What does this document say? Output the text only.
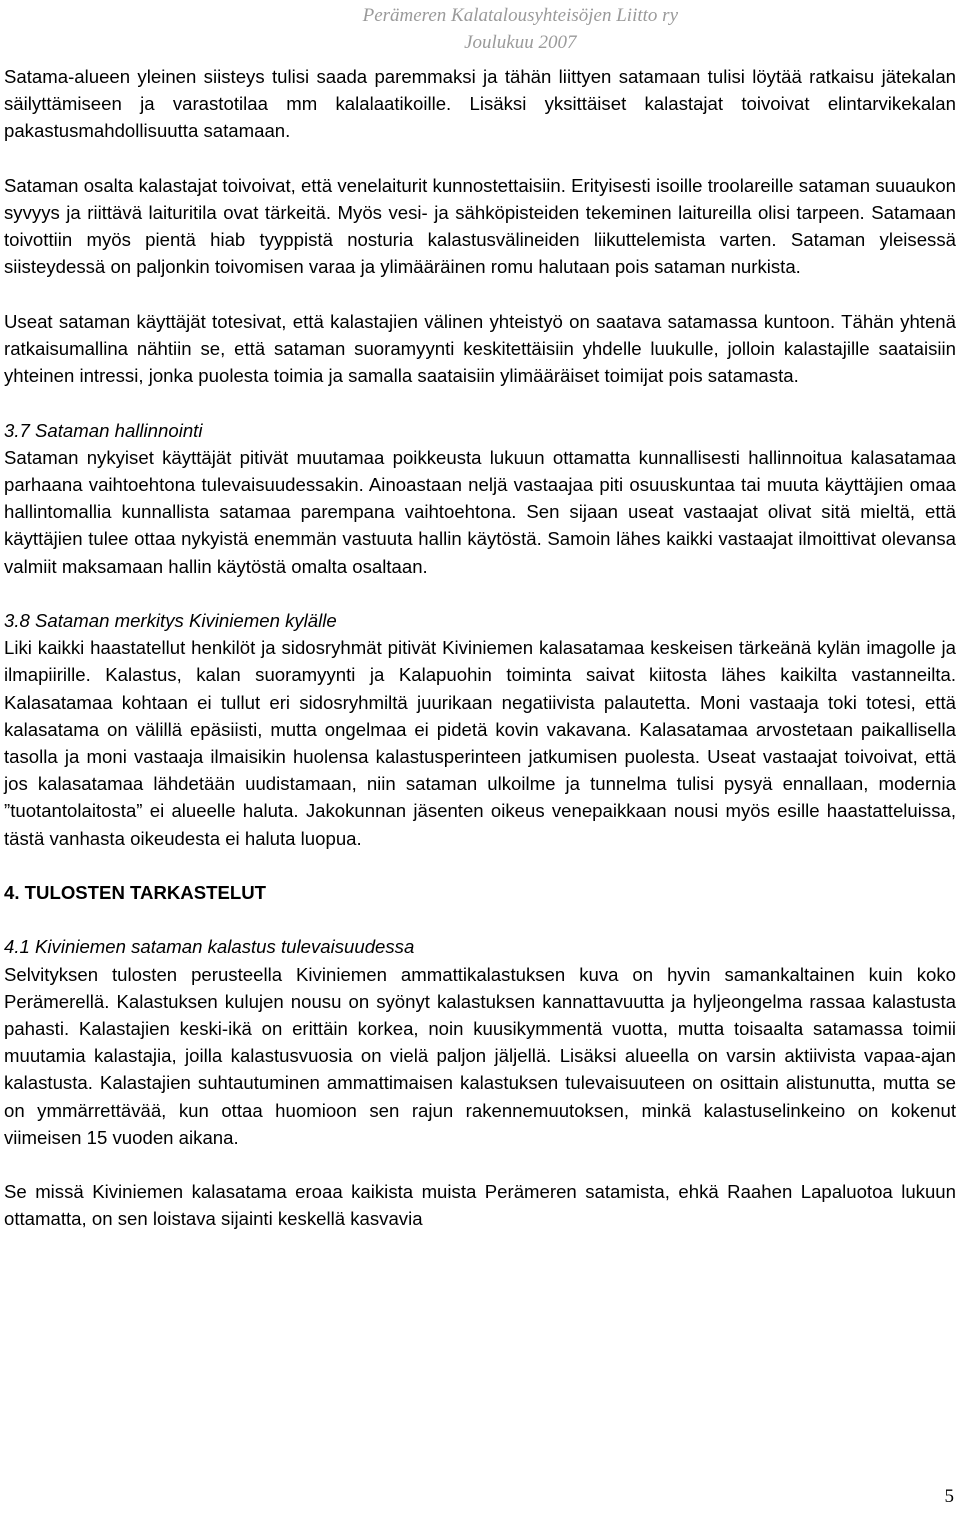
Perämeren Kalatalousyhteisöjen Liitto ry
Joulukuu 2007

Satama-alueen yleinen siisteys tulisi saada paremmaksi ja tähän liittyen satamaan tulisi löytää ratkaisu jätekalan säilyttämiseen ja varastotilaa mm kalalaatikoille. Lisäksi yksittäiset kalastajat toivoivat elintarvikekalan pakastusmahdollisuutta satamaan.

Sataman osalta kalastajat toivoivat, että venelaiturit kunnostettaisiin. Erityisesti isoille troolareille sataman suuaukon syvyys ja riittävä laituritila ovat tärkeitä. Myös vesi- ja sähköpisteiden tekeminen laitureilla olisi tarpeen. Satamaan toivottiin myös pientä hiab tyyppistä nosturia kalastusvälineiden liikuttelemista varten. Sataman yleisessä siisteydessä on paljonkin toivomisen varaa ja ylimääräinen romu halutaan pois sataman nurkista.

Useat sataman käyttäjät totesivat, että kalastajien välinen yhteistyö on saatava satamassa kuntoon. Tähän yhtenä ratkaisumallina nähtiin se, että sataman suoramyynti keskitettäisiin yhdelle luukulle, jolloin kalastajille saataisiin yhteinen intressi, jonka puolesta toimia ja samalla saataisiin ylimääräiset toimijat pois satamasta.

3.7 Sataman hallinnointi

Sataman nykyiset käyttäjät pitivät muutamaa poikkeusta lukuun ottamatta kunnallisesti hallinnoitua kalasatamaa parhaana vaihtoehtona tulevaisuudessakin. Ainoastaan neljä vastaajaa piti osuuskuntaa tai muuta käyttäjien omaa hallintomallia kunnallista satamaa parempana vaihtoehtona. Sen sijaan useat vastaajat olivat sitä mieltä, että käyttäjien tulee ottaa nykyistä enemmän vastuuta hallin käytöstä. Samoin lähes kaikki vastaajat ilmoittivat olevansa valmiit maksamaan hallin käytöstä omalta osaltaan.

3.8 Sataman merkitys Kiviniemen kylälle

Liki kaikki haastatellut henkilöt ja sidosryhmät pitivät Kiviniemen kalasatamaa keskeisen tärkeänä kylän imagolle ja ilmapiirille. Kalastus, kalan suoramyynti ja Kalapuohin toiminta saivat kiitosta lähes kaikilta vastanneilta. Kalasatamaa kohtaan ei tullut eri sidosryhmiltä juurikaan negatiivista palautetta. Moni vastaaja toki totesi, että kalasatama on välillä epäsiisti, mutta ongelmaa ei pidetä kovin vakavana. Kalasatamaa arvostetaan paikallisella tasolla ja moni vastaaja ilmaisikin huolensa kalastusperinteen jatkumisen puolesta. Useat vastaajat toivoivat, että jos kalasatamaa lähdetään uudistamaan, niin sataman ulkoilme ja tunnelma tulisi pysyä ennallaan, modernia ”tuotantolaitosta” ei alueelle haluta. Jakokunnan jäsenten oikeus venepaikkaan nousi myös esille haastatteluissa, tästä vanhasta oikeudesta ei haluta luopua.

4. TULOSTEN TARKASTELUT

4.1 Kiviniemen sataman kalastus tulevaisuudessa

Selvityksen tulosten perusteella Kiviniemen ammattikalastuksen kuva on hyvin samankaltainen kuin koko Perämerellä. Kalastuksen kulujen nousu on syönyt kalastuksen kannattavuutta ja hyljeongelma rassaa kalastusta pahasti. Kalastajien keski-ikä on erittäin korkea, noin kuusikymmentä vuotta, mutta toisaalta satamassa toimii muutamia kalastajia, joilla kalastusvuosia on vielä paljon jäljellä. Lisäksi alueella on varsin aktiivista vapaa-ajan kalastusta. Kalastajien suhtautuminen ammattimaisen kalastuksen tulevaisuuteen on osittain alistunutta, mutta se on ymmärrettävää, kun ottaa huomioon sen rajun rakennemuutoksen, minkä kalastuselinkeino on kokenut viimeisen 15 vuoden aikana.

Se missä Kiviniemen kalasatama eroaa kaikista muista Perämeren satamista, ehkä Raahen Lapaluotoa lukuun ottamatta, on sen loistava sijainti keskellä kasvavia

5
